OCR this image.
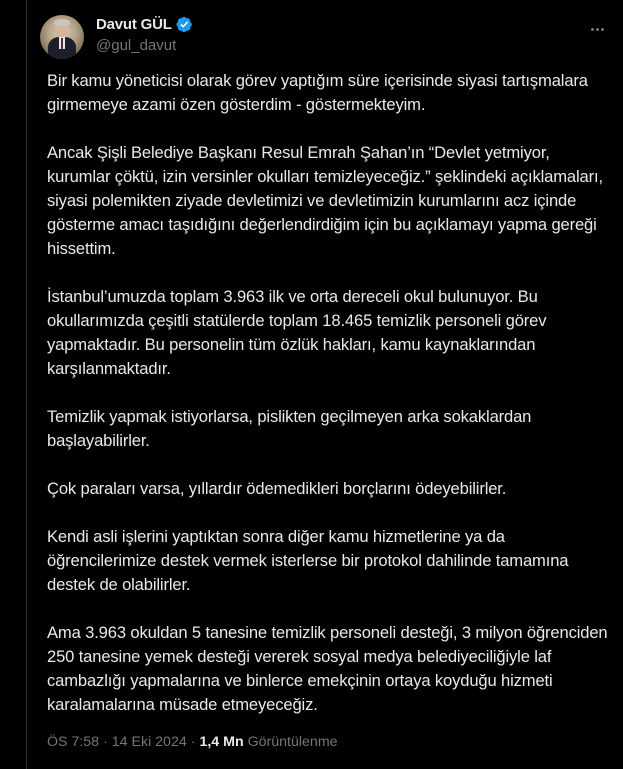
Davut GÜL
@gul_davut

Bir kamu yöneticisi olarak görev yaptığım süre içerisinde siyasi tartışmalara girmemeye azami özen gösterdim - göstermekteyim.

Ancak Şişli Belediye Başkanı Resul Emrah Şahan’ın “Devlet yetmiyor, kurumlar çöktü, izin versinler okulları temizleyeceğiz.” şeklindeki açıklamaları, siyasi polemikten ziyade devletimizi ve devletimizin kurumlarını acz içinde gösterme amacı taşıdığını değerlendirdiğim için bu açıklamayı yapma gereği hissettim.

İstanbul’umuzda toplam 3.963 ilk ve orta dereceli okul bulunuyor. Bu okullarımızda çeşitli statülerde toplam 18.465 temizlik personeli görev yapmaktadır. Bu personelin tüm özlük hakları, kamu kaynaklarından karşılanmaktadır.

Temizlik yapmak istiyorlarsa, pislikten geçilmeyen arka sokaklardan başlayabilirler.

Çok paraları varsa, yıllardır ödemedikleri borçlarını ödeyebilirler.

Kendi asli işlerini yaptıktan sonra diğer kamu hizmetlerine ya da öğrencilerimize destek vermek isterlerse bir protokol dahilinde tamamına destek de olabilirler.

Ama 3.963 okuldan 5 tanesine temizlik personeli desteği, 3 milyon öğrenciden 250 tanesine yemek desteği vererek sosyal medya belediyeciliğiyle laf cambazlığı yapmalarına ve binlerce emekçinin ortaya koyduğu hizmeti karalamalarına müsade etmeyeceğiz.

ÖS 7:58 · 14 Eki 2024 · 1,4 Mn Görüntülenme
